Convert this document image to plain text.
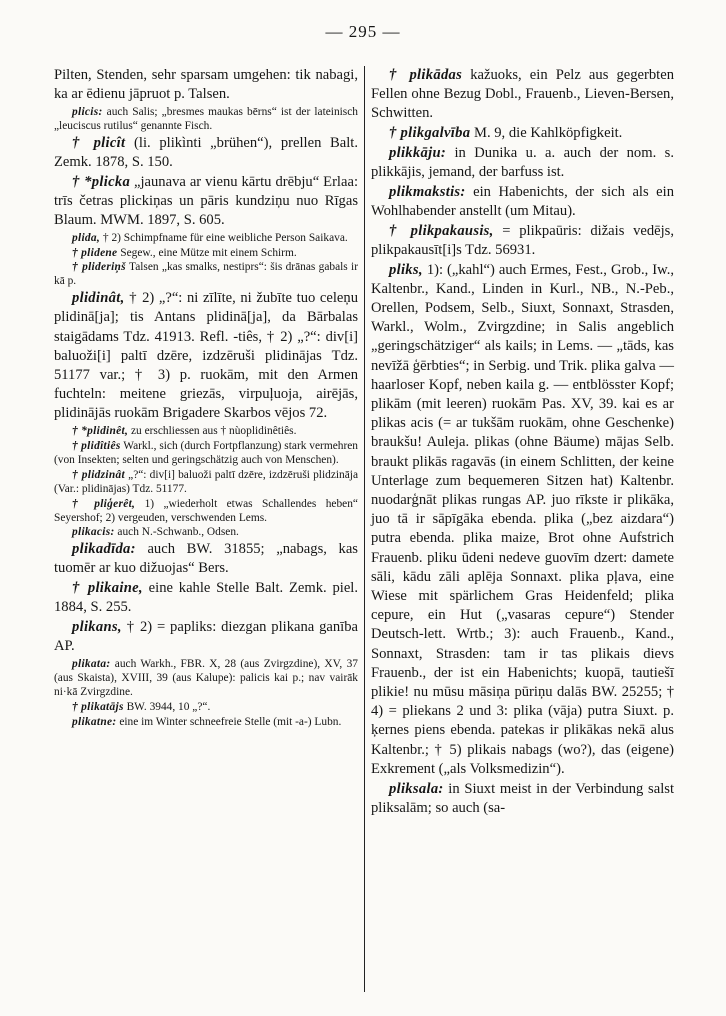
— 295 —

Pilten, Stenden, sehr sparsam umgehen: tik nabagi, ka ar ēdienu jāpruot p. Talsen.

plicis: auch Salis; „bresmes maukas bērns“ ist der lateinisch „leuciscus rutilus“ genannte Fisch.

† plicît (li. plikìnti „brühen“), prellen Balt. Zemk. 1878, S. 150.

† *plicka „jaunava ar vienu kārtu drēbju“ Erlaa: trīs četras plickiņas un pāris kundziņu nuo Rīgas Blaum. MWM. 1897, S. 605.

plida, † 2) Schimpfname für eine weibliche Person Saikava.

† plidene Segew., eine Mütze mit einem Schirm.

† plideriņš Talsen „kas smalks, nestiprs“: šis drānas gabals ir kā p.

plidinât, † 2) „?“: ni zīlīte, ni žubīte tuo celeņu plidinā[ja]; tis Antans plidinā[ja], da Bārbalas staigādams Tdz. 41913. Refl. -tiês, † 2) „?“: div[i] baluoži[i] paltī dzēre, izdzēruši plidinājas Tdz. 51177 var.; † 3) p. ruokām, mit den Armen fuchteln: meitene griezās, virpuļuoja, airējās, plidinājās ruokām Brigadere Skarbos vējos 72.

† *plidinêt, zu erschliessen aus † nùoplidinêtiês.

† plidîtiês Warkl., sich (durch Fortpflanzung) stark vermehren (von Insekten; selten und geringschätzig auch von Menschen).

† plidzinât „?“: div[i] baluoži paltī dzēre, izdzēruši plidzināja (Var.: plidinājas) Tdz. 51177.

† pliģerêt, 1) „wiederholt etwas Schallendes heben“ Seyershof; 2) vergeuden, verschwenden Lems.

plikacis: auch N.-Schwanb., Odsen.

plikadīda: auch BW. 31855; „nabags, kas tuomēr ar kuo dižuojas“ Bers.

† plikaine, eine kahle Stelle Balt. Zemk. piel. 1884, S. 255.

plikans, † 2) = papliks: diezgan plikana ganība AP.

plikata: auch Warkh., FBR. X, 28 (aus Zvirgzdine), XV, 37 (aus Skaista), XVIII, 39 (aus Kalupe): palicis kai p.; nav vairāk ni·kā Zvirgzdine.

† plikatājs BW. 3944, 10 „?“.

plikatne: eine im Winter schneefreie Stelle (mit -a-) Lubn.

† plikādas kažuoks, ein Pelz aus gegerbten Fellen ohne Bezug Dobl., Frauenb., Lieven-Bersen, Schwitten.

† plikgalvība M. 9, die Kahlköpfigkeit.

plikkāju: in Dunika u. a. auch der nom. s. plikkājis, jemand, der barfuss ist.

plikmakstis: ein Habenichts, der sich als ein Wohlhabender anstellt (um Mitau).

† plikpakausis, = plikpaūris: dižais vedējs, plikpakausīt[i]s Tdz. 56931.

pliks, 1): („kahl“) auch Ermes, Fest., Grob., Iw., Kaltenbr., Kand., Linden in Kurl., NB., N.-Peb., Orellen, Podsem, Selb., Siuxt, Sonnaxt, Strasden, Warkl., Wolm., Zvirgzdine; in Salis angeblich „geringschätziger“ als kails; in Lems. — „tāds, kas nevīžā ģērbties“; in Serbig. und Trik. plika galva — haarloser Kopf, neben kaila g. — entblösster Kopf; plikām (mit leeren) ruokām Pas. XV, 39. kai es ar plikas acis (= ar tukšām ruokām, ohne Geschenke) braukšu! Auleja. plikas (ohne Bäume) mājas Selb. braukt plikās ragavās (in einem Schlitten, der keine Unterlage zum bequemeren Sitzen hat) Kaltenbr. nuodarģnāt plikas rungas AP. juo rīkste ir plikāka, juo tā ir sāpīgāka ebenda. plika („bez aizdara“) putra ebenda. plika maize, Brot ohne Aufstrich Frauenb. pliku ūdeni nedeve guovīm dzert: damete sāli, kādu zāli aplēja Sonnaxt. plika pļava, eine Wiese mit spärlichem Gras Heidenfeld; plika cepure, ein Hut („vasaras cepure“) Stender Deutsch-lett. Wrtb.; 3): auch Frauenb., Kand., Sonnaxt, Strasden: tam ir tas plikais dievs Frauenb., der ist ein Habenichts; kuopā, tautiešī plikie! nu mūsu māsiņa pūriņu dalās BW. 25255; † 4) = pliekans 2 und 3: plika (vāja) putra Siuxt. p. ķernes piens ebenda. patekas ir plikākas nekā alus Kaltenbr.; † 5) plikais nabags (wo?), das (eigene) Exkrement („als Volksmedizin“).

pliksala: in Siuxt meist in der Verbindung salst pliksalām; so auch (sa-
